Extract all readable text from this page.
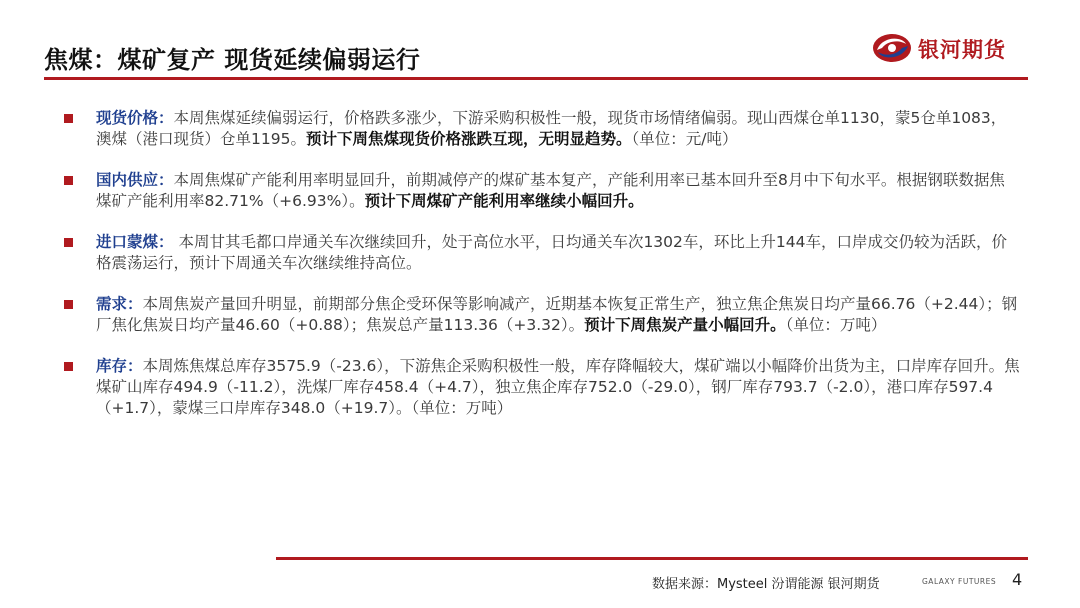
焦煤：煤矿复产 现货延续偏弱运行	银河期货
现货价格：本周焦煤延续偏弱运行，价格跌多涨少，下游采购积极性一般，现货市场情绪偏弱。现山西煤仓单1130，蒙5仓单1083，澳煤（港口现货）仓单1195。预计下周焦煤现货价格涨跌互现，无明显趋势。（单位：元/吨）
国内供应：本周焦煤矿产能利用率明显回升，前期减停产的煤矿基本复产，产能利用率已基本回升至8月中下旬水平。根据钢联数据焦煤矿产能利用率82.71%（+6.93%）。预计下周煤矿产能利用率继续小幅回升。
进口蒙煤： 本周甘其毛都口岸通关车次继续回升，处于高位水平，日均通关车次1302车，环比上升144车，口岸成交仍较为活跃，价格震荡运行，预计下周通关车次继续维持高位。
需求：本周焦炭产量回升明显，前期部分焦企受环保等影响减产，近期基本恢复正常生产，独立焦企焦炭日均产量66.76（+2.44）；钢厂焦化焦炭日均产量46.60（+0.88）；焦炭总产量113.36（+3.32）。预计下周焦炭产量小幅回升。（单位：万吨）
库存：本周炼焦煤总库存3575.9（-23.6），下游焦企采购积极性一般，库存降幅较大，煤矿端以小幅降价出货为主，口岸库存回升。焦煤矿山库存494.9（-11.2），洗煤厂库存458.4（+4.7），独立焦企库存752.0（-29.0），钢厂库存793.7（-2.0），港口库存597.4（+1.7），蒙煤三口岸库存348.0（+19.7）。（单位：万吨）
数据来源：Mysteel 汾谓能源 银河期货	GALAXY FUTURES 4
